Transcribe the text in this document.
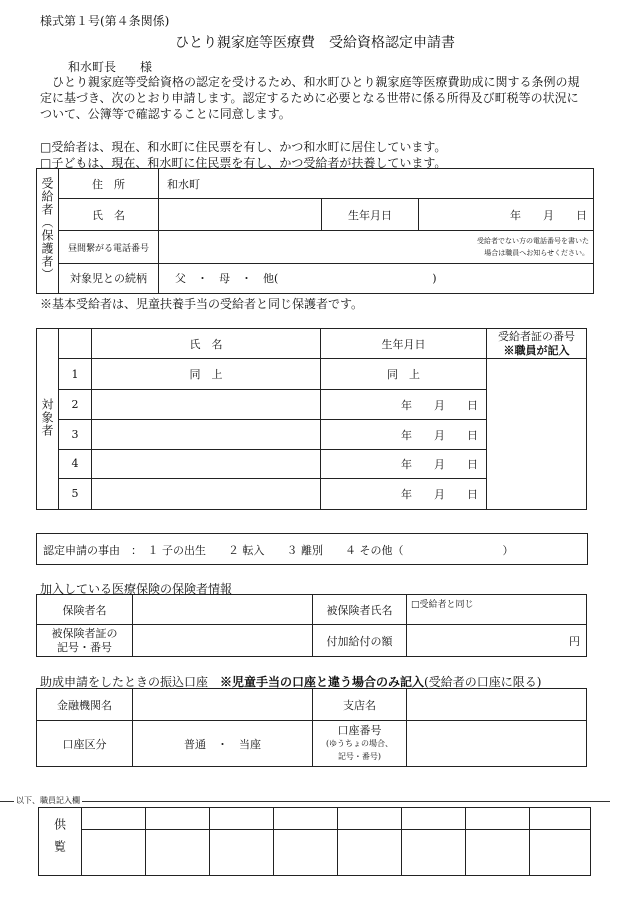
様式第１号(第４条関係)
ひとり親家庭等医療費　受給資格認定申請書
和水町長　　様
ひとり親家庭等受給資格の認定を受けるため、和水町ひとり親家庭等医療費助成に関する条例の規
定に基づき、次のとおり申請します。認定するために必要となる世帯に係る所得及び町税等の状況に
ついて、公簿等で確認することに同意します。
□受給者は、現在、和水町に住民票を有し、かつ和水町に居住しています。
□子どもは、現在、和水町に住民票を有し、かつ受給者が扶養しています。
受給者（保護者）	住　所	和水町		
	氏　名		生年月日	年　　月　　日
	昼間繋がる電話番号	受給者でない方の電話番号を書いた
場合は職員へお知らせください。		

	対象児との続柄	父　・　母　・　他(　　　　　　　　　　　　　　)		
※基本受給者は、児童扶養手当の受給者と同じ保護者です。
対象者		氏　名	生年月日	受給者証の番号
※職員が記入

	1	同　上	同　上	
	2		年　　月　　日	
	3		年　　月　　日	
	4		年　　月　　日	
	5		年　　月　　日	
認定申請の事由　：　１ 子の出生　　２ 転入　　３ 離別　　４ その他（　　　　　　　　　）
加入している医療保険の保険者情報
保険者名		被保険者氏名	□受給者と同じ

被保険者証の
記号・番号		付加給付の額	円
助成申請をしたときの振込口座　 ※児童手当の口座と違う場合のみ記入(受給者の口座に限る)
金融機関名		支店名	
口座区分	普通　・　当座	口座番号
(ゆうちょの場合、
記号・番号)	

以下、職員記入欄
供覧								
